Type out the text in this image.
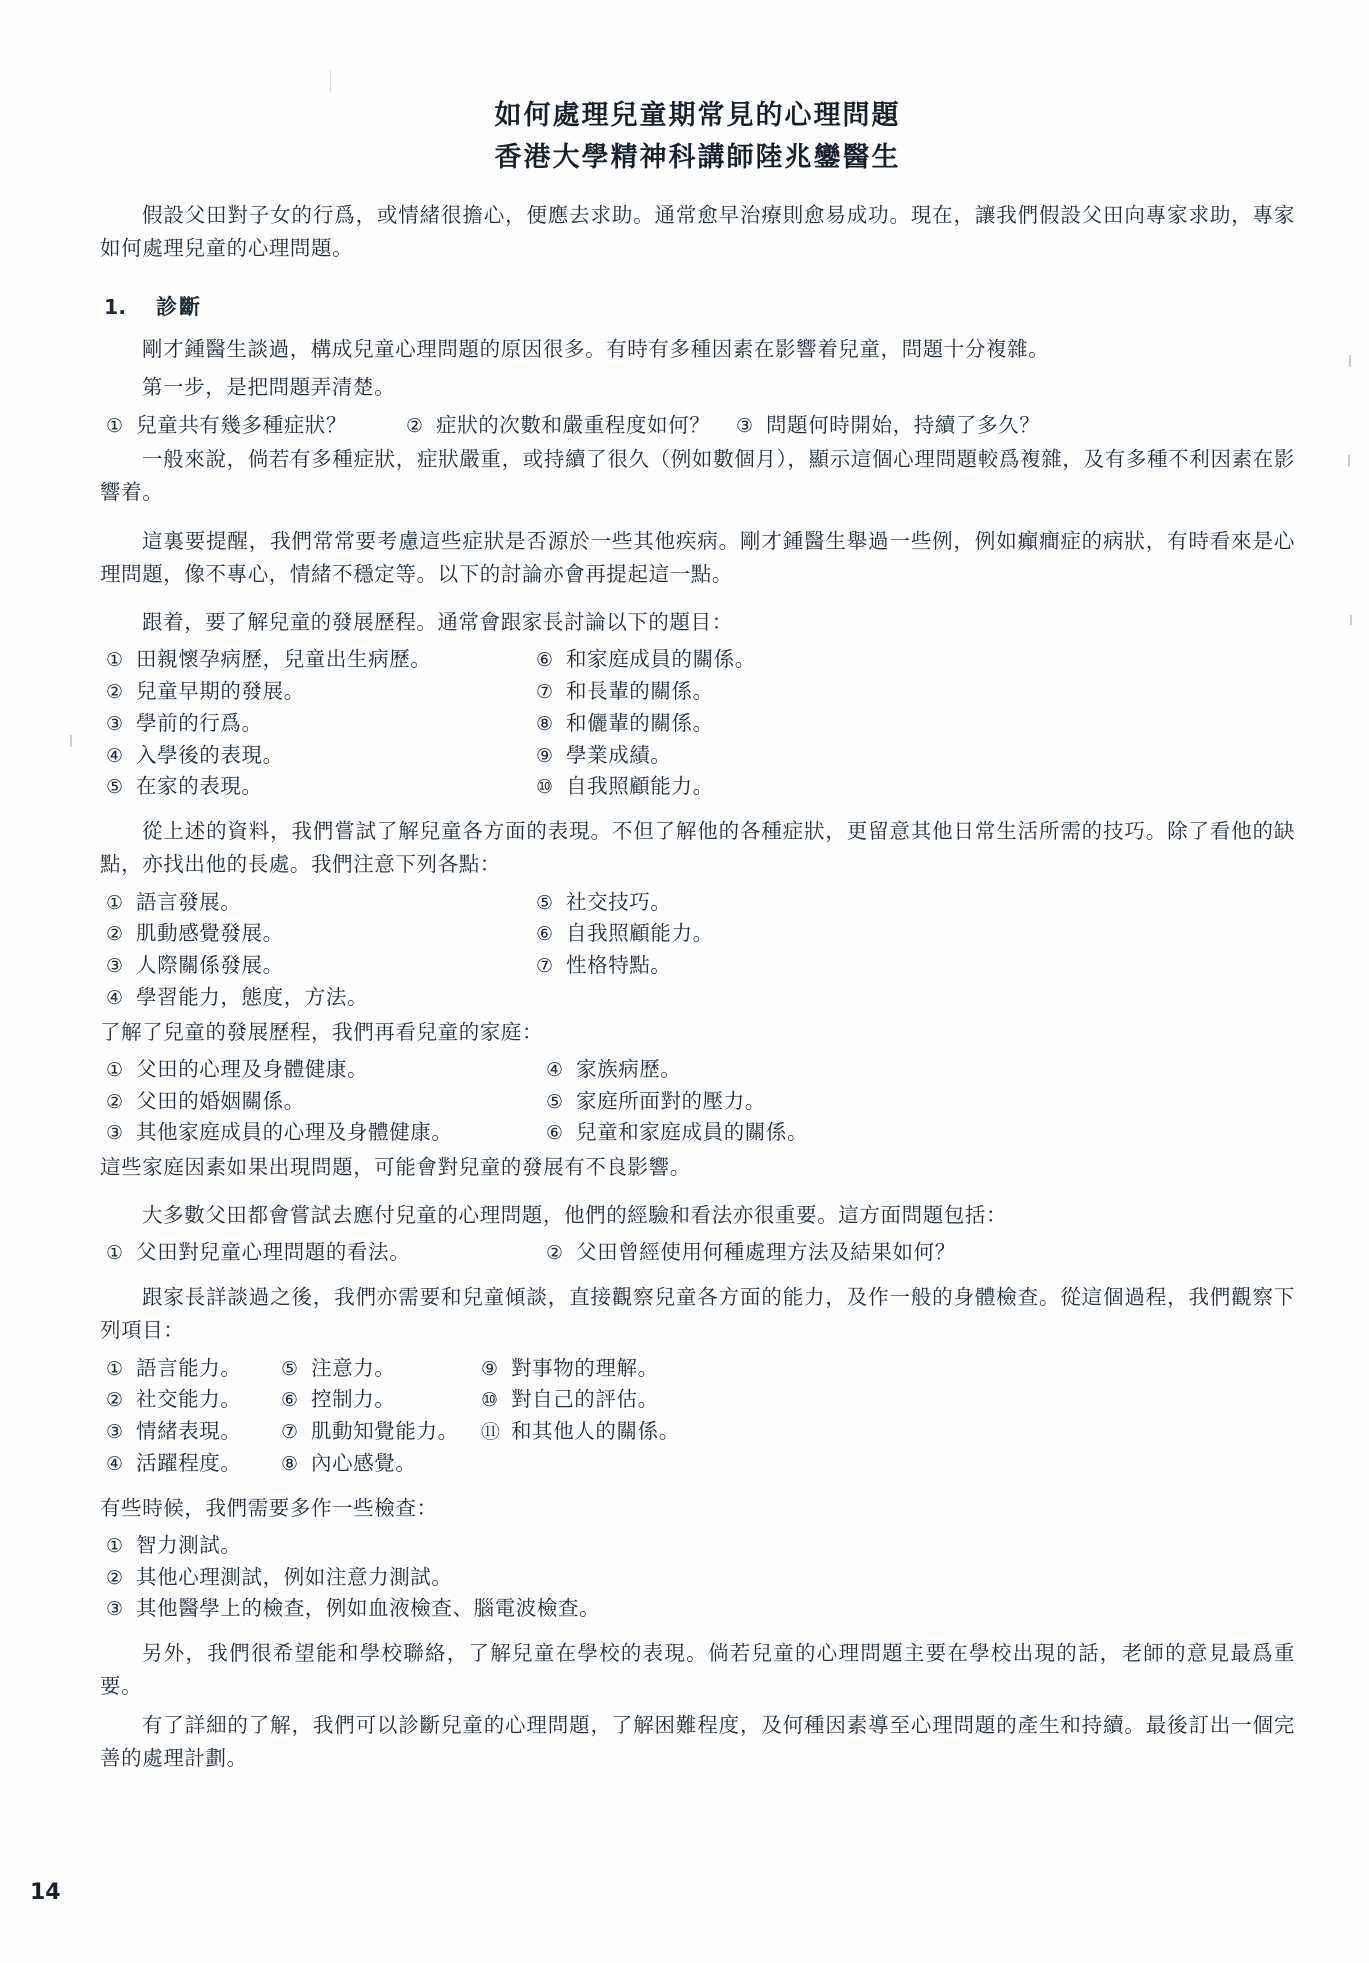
如何處理兒童期常見的心理問題
香港大學精神科講師陸兆鑾醫生

假設父田對子女的行爲，或情緒很擔心，便應去求助。通常愈早治療則愈易成功。現在，讓我們假設父田向專家求助，專家如何處理兒童的心理問題。

1.	診斷

剛才鍾醫生談過，構成兒童心理問題的原因很多。有時有多種因素在影響着兒童，問題十分複雜。

第一步，是把問題弄清楚。

① 兒童共有幾多種症狀？	② 症狀的次數和嚴重程度如何？ ③ 問題何時開始，持續了多久？

一般來說，倘若有多種症狀，症狀嚴重，或持續了很久（例如數個月），顯示這個心理問題較爲複雜，及有多種不利因素在影響着。

這裏要提醒，我們常常要考慮這些症狀是否源於一些其他疾病。剛才鍾醫生舉過一些例，例如癲癎症的病狀，有時看來是心理問題，像不專心，情緒不穩定等。以下的討論亦會再提起這一點。

跟着，要了解兒童的發展歷程。通常會跟家長討論以下的題目：

① 田親懷孕病歷，兒童出生病歷。	⑥ 和家庭成員的關係。
② 兒童早期的發展。	⑦ 和長輩的關係。
③ 學前的行爲。	⑧ 和儷輩的關係。
④ 入學後的表現。	⑨ 學業成績。
⑤ 在家的表現。	⑩ 自我照顧能力。

從上述的資料，我們嘗試了解兒童各方面的表現。不但了解他的各種症狀，更留意其他日常生活所需的技巧。除了看他的缺點，亦找出他的長處。我們注意下列各點：

① 語言發展。	⑤ 社交技巧。
② 肌動感覺發展。	⑥ 自我照顧能力。
③ 人際關係發展。	⑦ 性格特點。
④ 學習能力，態度，方法。

了解了兒童的發展歷程，我們再看兒童的家庭：

① 父田的心理及身體健康。	④ 家族病歷。
② 父田的婚姻關係。	⑤ 家庭所面對的壓力。
③ 其他家庭成員的心理及身體健康。	⑥ 兒童和家庭成員的關係。

這些家庭因素如果出現問題，可能會對兒童的發展有不良影響。

大多數父田都會嘗試去應付兒童的心理問題，他們的經驗和看法亦很重要。這方面問題包括：

① 父田對兒童心理問題的看法。	② 父田曾經使用何種處理方法及結果如何？

跟家長詳談過之後，我們亦需要和兒童傾談，直接觀察兒童各方面的能力，及作一般的身體檢查。從這個過程，我們觀察下列項目：

① 語言能力。 ⑤ 注意力。	⑨ 對事物的理解。
② 社交能力。 ⑥ 控制力。	⑩ 對自己的評估。
③ 情緒表現。 ⑦ 肌動知覺能力。 ⑪ 和其他人的關係。
④ 活躍程度。 ⑧ 內心感覺。

有些時候，我們需要多作一些檢查：

① 智力測試。
② 其他心理測試，例如注意力測試。
③ 其他醫學上的檢查，例如血液檢查、腦電波檢查。

另外，我們很希望能和學校聯絡，了解兒童在學校的表現。倘若兒童的心理問題主要在學校出現的話，老師的意見最爲重要。

有了詳細的了解，我們可以診斷兒童的心理問題，了解困難程度，及何種因素導至心理問題的產生和持續。最後訂出一個完善的處理計劃。

14
